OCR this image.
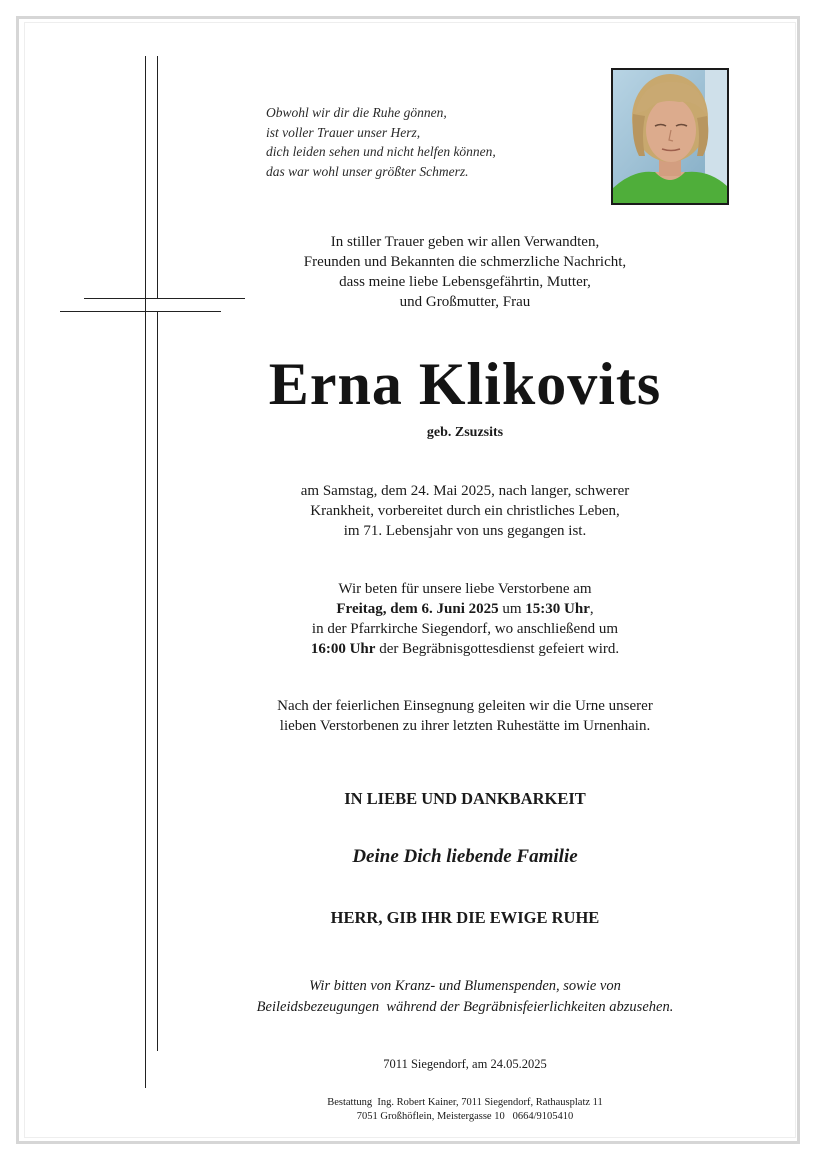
Obwohl wir dir die Ruhe gönnen,
ist voller Trauer unser Herz,
dich leiden sehen und nicht helfen können,
das war wohl unser größter Schmerz.
In stiller Trauer geben wir allen Verwandten,
Freunden und Bekannten die schmerzliche Nachricht,
dass meine liebe Lebensgefährtin, Mutter,
und Großmutter, Frau
Erna Klikovits
geb. Zsuzsits
am Samstag, dem 24. Mai 2025, nach langer, schwerer
Krankheit, vorbereitet durch ein christliches Leben,
im 71. Lebensjahr von uns gegangen ist.
Wir beten für unsere liebe Verstorbene am
Freitag, dem 6. Juni 2025 um 15:30 Uhr,
in der Pfarrkirche Siegendorf, wo anschließend um
16:00 Uhr der Begräbnisgottesdienst gefeiert wird.
Nach der feierlichen Einsegnung geleiten wir die Urne unserer
lieben Verstorbenen zu ihrer letzten Ruhestätte im Urnenhain.
IN LIEBE UND DANKBARKEIT
Deine Dich liebende Familie
HERR, GIB IHR DIE EWIGE RUHE
Wir bitten von Kranz- und Blumenspenden, sowie von
Beileidsbezeugungen  während der Begräbnisfeierlichkeiten abzusehen.
7011 Siegendorf, am 24.05.2025
Bestattung  Ing. Robert Kainer, 7011 Siegendorf, Rathausplatz 11
7051 Großhöflein, Meistergasse 10   0664/9105410
